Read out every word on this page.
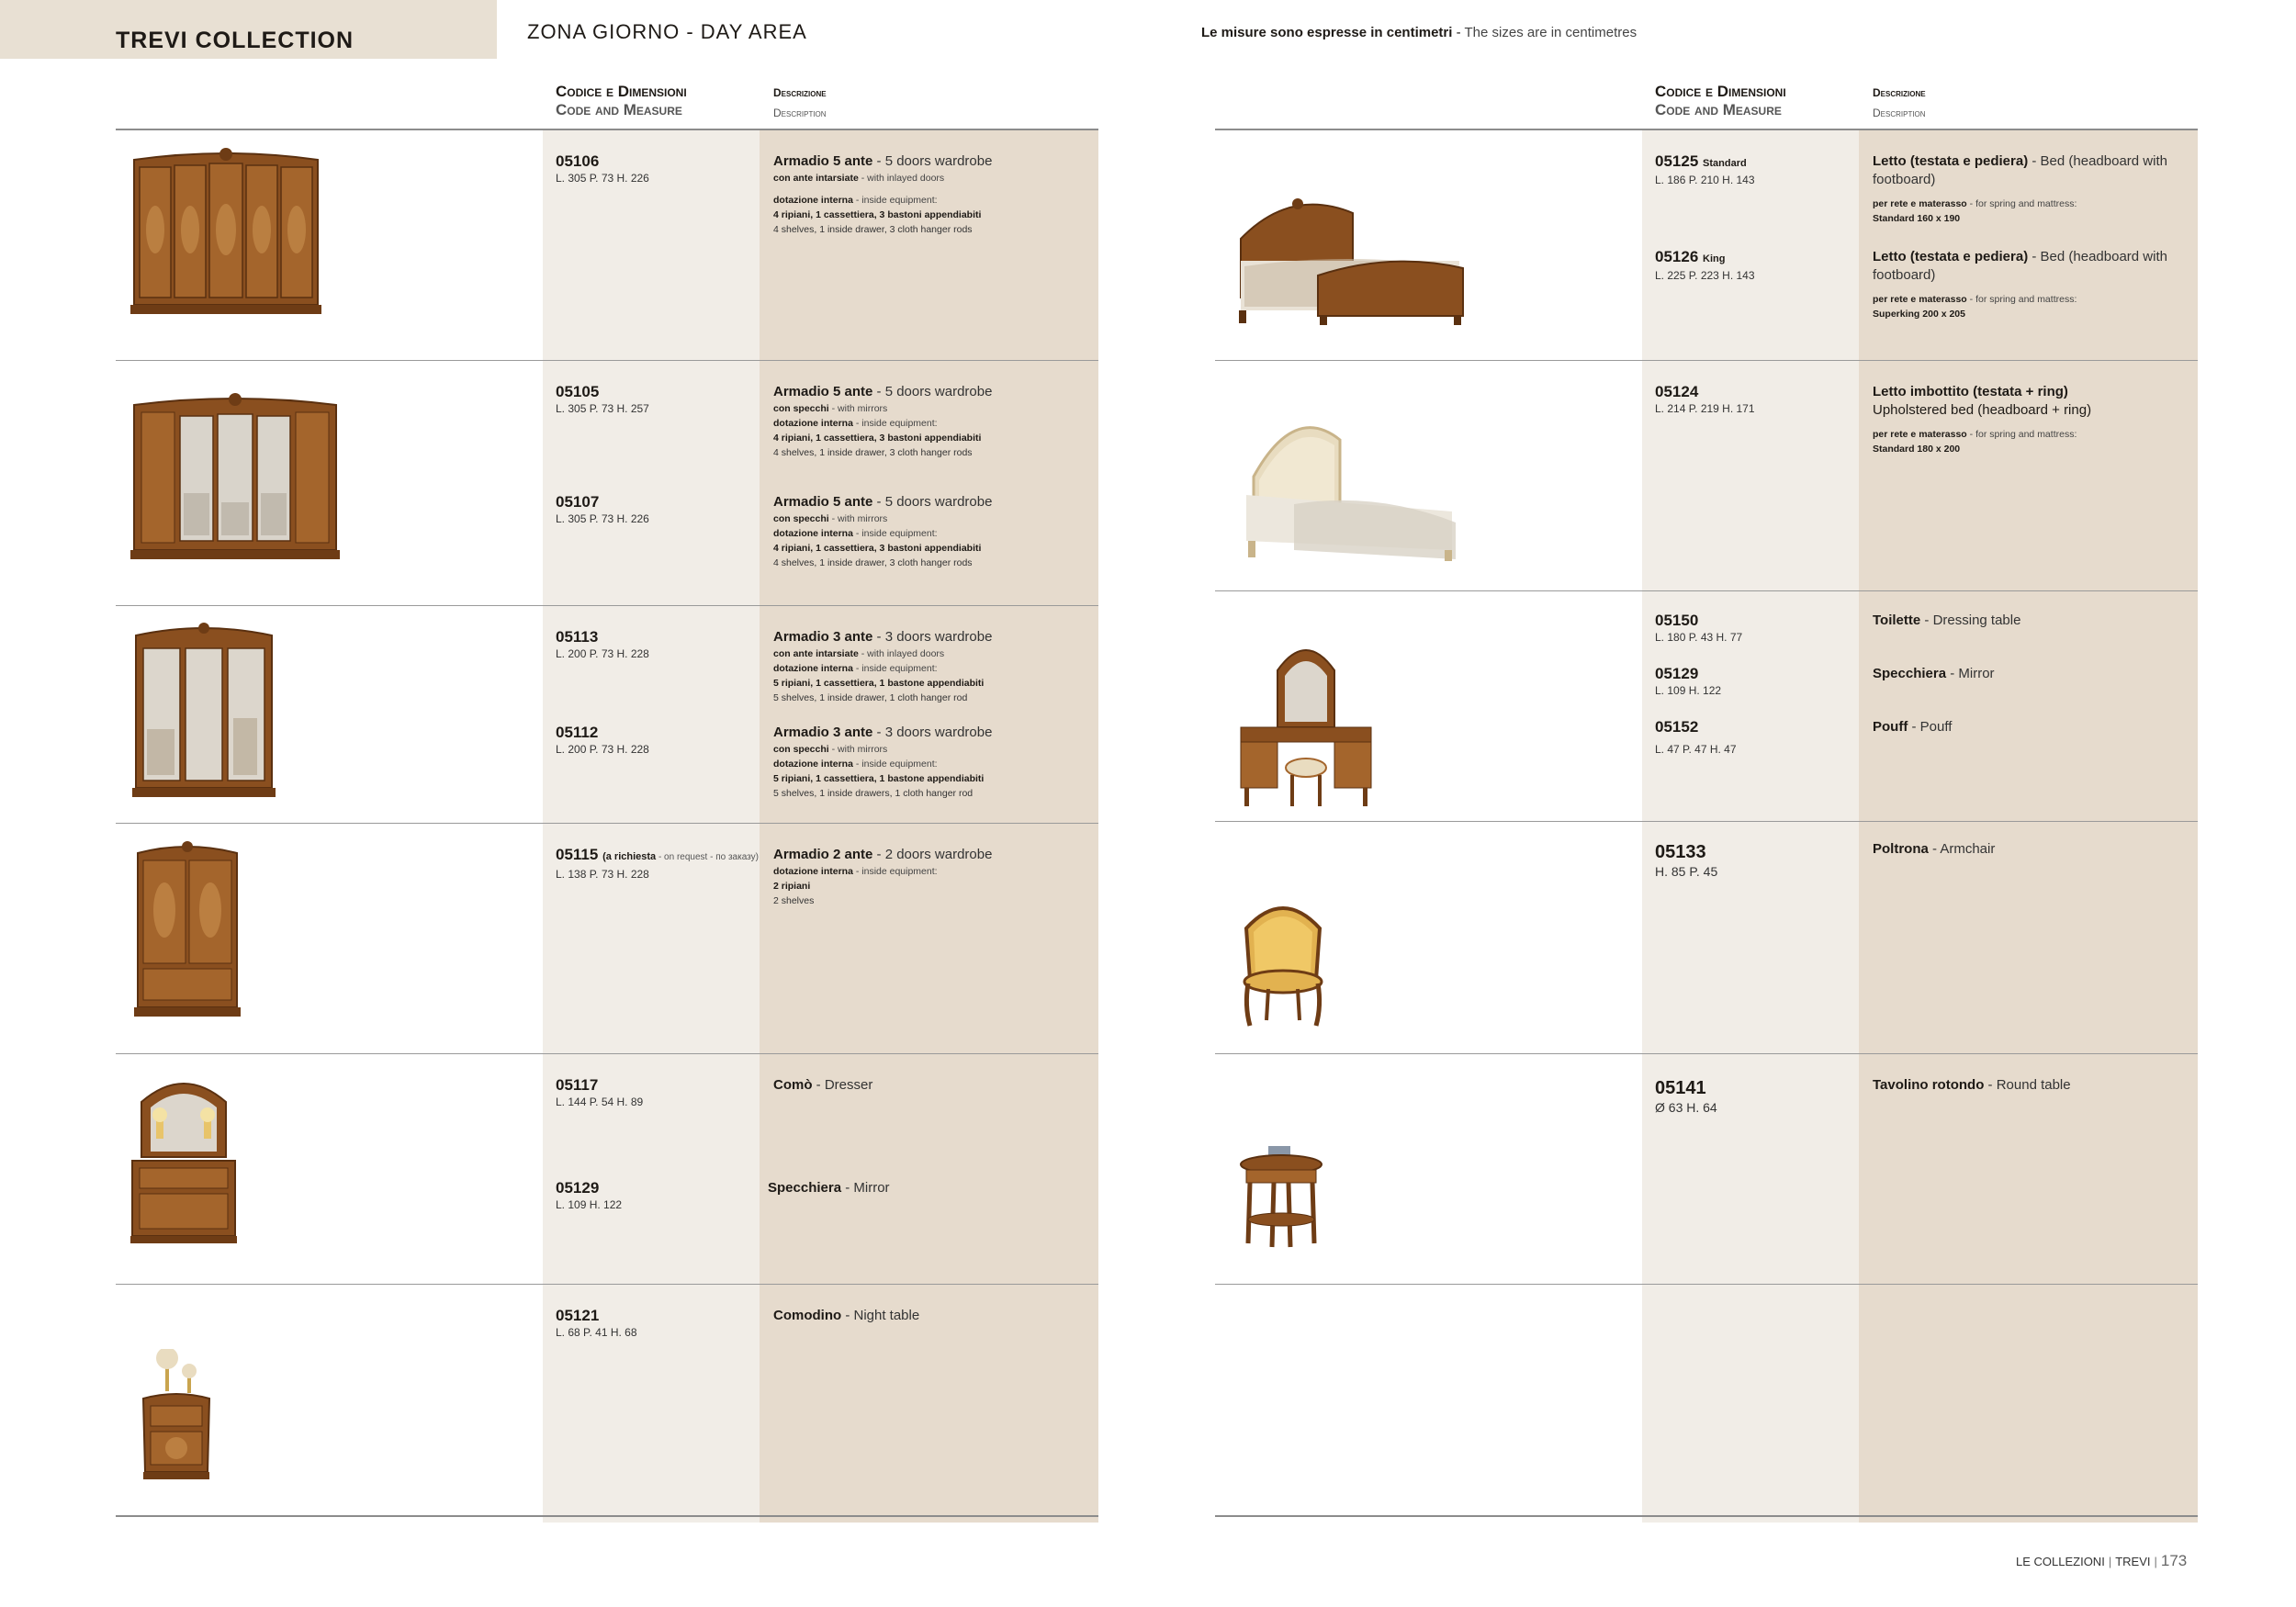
TREVI COLLECTION	ZONA GIORNO - DAY AREA	Le misure sono espresse in centimetri - The sizes are in centimetres
Codice e Dimensioni
Code and Measure
Descrizione
Description
05106
L. 305 P. 73 H. 226
Armadio 5 ante - 5 doors wardrobe
con ante intarsiate - with inlayed doors
dotazione interna - inside equipment:
4 ripiani, 1 cassettiera, 3 bastoni appendiabiti
4 shelves, 1 inside drawer, 3 cloth hanger rods
05105
L. 305 P. 73 H. 257
Armadio 5 ante - 5 doors wardrobe
con specchi - with mirrors
dotazione interna - inside equipment:
4 ripiani, 1 cassettiera, 3 bastoni appendiabiti
4 shelves, 1 inside drawer, 3 cloth hanger rods
05107
L. 305 P. 73 H. 226
Armadio 5 ante - 5 doors wardrobe
con specchi - with mirrors
dotazione interna - inside equipment:
4 ripiani, 1 cassettiera, 3 bastoni appendiabiti
4 shelves, 1 inside drawer, 3 cloth hanger rods
05113
L. 200 P. 73 H. 228
Armadio 3 ante - 3 doors wardrobe
con ante intarsiate - with inlayed doors
dotazione interna - inside equipment:
5 ripiani, 1 cassettiera, 1 bastone appendiabiti
5 shelves, 1 inside drawer, 1 cloth hanger rod
05112
L. 200 P. 73 H. 228
Armadio 3 ante - 3 doors wardrobe
con specchi - with mirrors
dotazione interna - inside equipment:
5 ripiani, 1 cassettiera, 1 bastone appendiabiti
5 shelves, 1 inside drawers, 1 cloth hanger rod
05115 (a richiesta - on request - по заказу)
L. 138 P. 73 H. 228
Armadio 2 ante - 2 doors wardrobe
dotazione interna - inside equipment:
2 ripiani
2 shelves
05117
L. 144 P. 54 H. 89
Comò - Dresser
05129
L. 109 H. 122
Specchiera - Mirror
05121
L. 68 P. 41 H. 68
Comodino - Night table
Codice e Dimensioni
Code and Measure
Descrizione
Description
05125 Standard
L. 186 P. 210 H. 143
Letto (testata e pediera) - Bed (headboard with footboard)
per rete e materasso - for spring and mattress:
Standard 160 x 190
05126 King
L. 225 P. 223 H. 143
Letto (testata e pediera) - Bed (headboard with footboard)
per rete e materasso - for spring and mattress:
Superking 200 x 205
05124
L. 214 P. 219 H. 171
Letto imbottito (testata + ring)
Upholstered bed (headboard + ring)
per rete e materasso - for spring and mattress:
Standard 180 x 200
05150
L. 180 P. 43 H. 77
Toilette - Dressing table
05129
L. 109 H. 122
Specchiera - Mirror
05152
L. 47 P. 47 H. 47
Pouff - Pouff
05133
H. 85 P. 45
Poltrona - Armchair
05141
Ø 63 H. 64
Tavolino rotondo - Round table
LE COLLEZIONI | TREVI | 173
